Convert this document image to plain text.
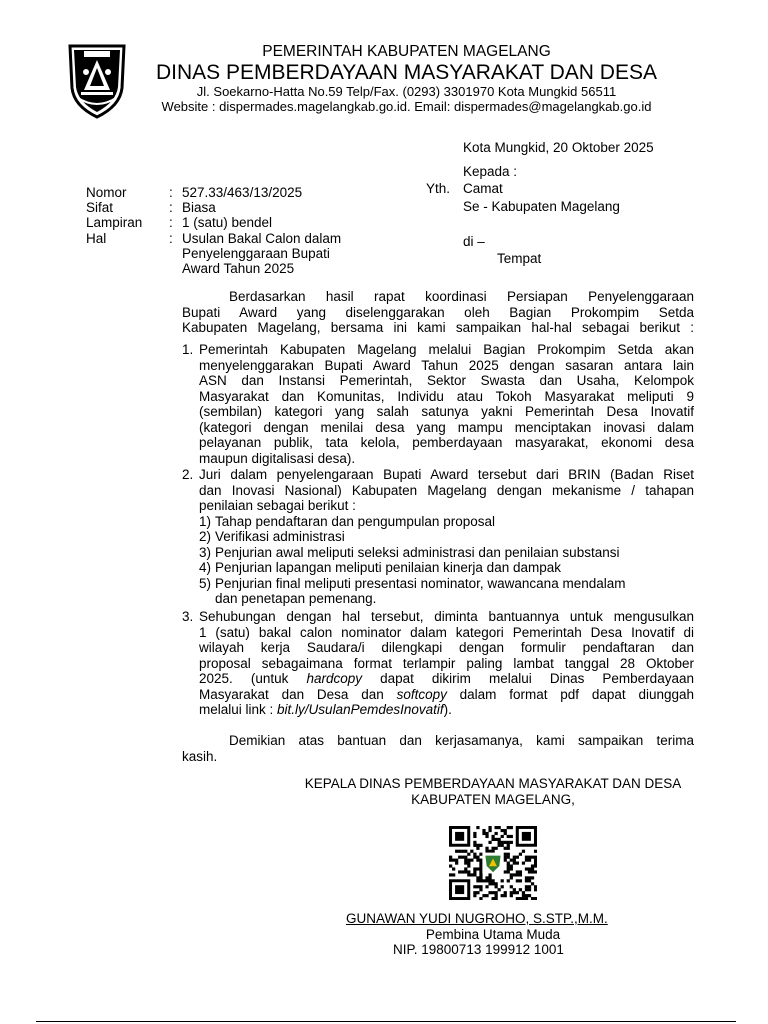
PEMERINTAH KABUPATEN MAGELANG
DINAS PEMBERDAYAAN MASYARAKAT DAN DESA
Jl. Soekarno-Hatta No.59 Telp/Fax. (0293) 3301970 Kota Mungkid 56511
Website : dispermades.magelangkab.go.id. Email: dispermades@magelangkab.go.id
Kota Mungkid, 20 Oktober 2025
Kepada :
Yth. Camat
Se - Kabupaten Magelang
di –
Tempat
Nomor	: 527.33/463/13/2025
Sifat	: Biasa
Lampiran : 1 (satu) bendel
Hal	: Usulan Bakal Calon dalam
Penyelenggaraan Bupati
Award Tahun 2025
Berdasarkan hasil rapat koordinasi Persiapan Penyelenggaraan
Bupati Award yang diselenggarakan oleh Bagian Prokompim Setda
Kabupaten Magelang, bersama ini kami sampaikan hal-hal sebagai berikut :
1. Pemerintah Kabupaten Magelang melalui Bagian Prokompim Setda akan
menyelenggarakan Bupati Award Tahun 2025 dengan sasaran antara lain
ASN dan Instansi Pemerintah, Sektor Swasta dan Usaha, Kelompok
Masyarakat dan Komunitas, Individu atau Tokoh Masyarakat meliputi 9
(sembilan) kategori yang salah satunya yakni Pemerintah Desa Inovatif
(kategori dengan menilai desa yang mampu menciptakan inovasi dalam
pelayanan publik, tata kelola, pemberdayaan masyarakat, ekonomi desa
maupun digitalisasi desa).
2. Juri dalam penyelengaraan Bupati Award tersebut dari BRIN (Badan Riset
dan Inovasi Nasional) Kabupaten Magelang dengan mekanisme / tahapan
penilaian sebagai berikut :
1) Tahap pendaftaran dan pengumpulan proposal
2) Verifikasi administrasi
3) Penjurian awal meliputi seleksi administrasi dan penilaian substansi
4) Penjurian lapangan meliputi penilaian kinerja dan dampak
5) Penjurian final meliputi presentasi nominator, wawancana mendalam
dan penetapan pemenang.
3. Sehubungan dengan hal tersebut, diminta bantuannya untuk mengusulkan
1 (satu) bakal calon nominator dalam kategori Pemerintah Desa Inovatif di
wilayah kerja Saudara/i dilengkapi dengan formulir pendaftaran dan
proposal sebagaimana format terlampir paling lambat tanggal 28 Oktober
2025. (untuk hardcopy dapat dikirim melalui Dinas Pemberdayaan
Masyarakat dan Desa dan softcopy dalam format pdf dapat diunggah
melalui link : bit.ly/UsulanPemdesInovatif).
Demikian atas bantuan dan kerjasamanya, kami sampaikan terima
kasih.
KEPALA DINAS PEMBERDAYAAN MASYARAKAT DAN DESA
KABUPATEN MAGELANG,
GUNAWAN YUDI NUGROHO, S.STP.,M.M.
Pembina Utama Muda
NIP. 19800713 199912 1001
